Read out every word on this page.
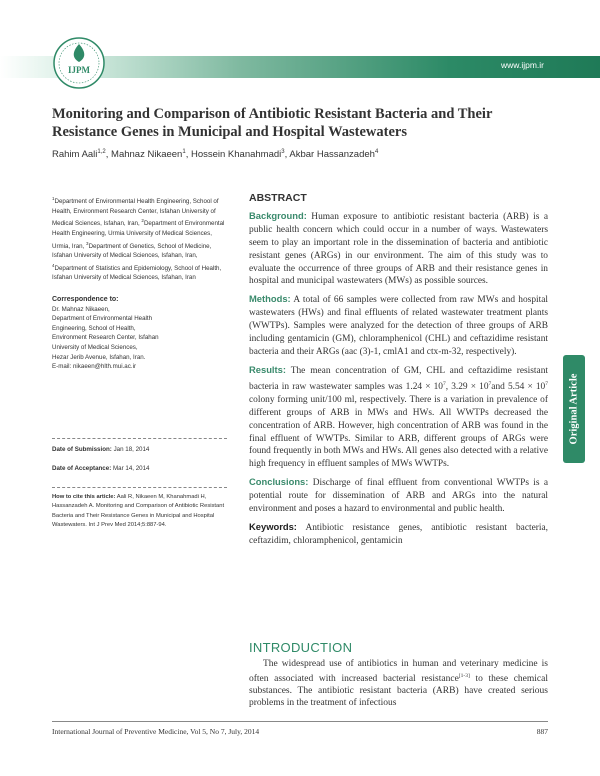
IJPM	www.ijpm.ir
Monitoring and Comparison of Antibiotic Resistant Bacteria and Their Resistance Genes in Municipal and Hospital Wastewaters
Rahim Aali$^{1,2}$, Mahnaz Nikaeen$^1$, Hossein Khanahmadi$^3$, Akbar Hassanzadeh$^4$
$^1$Department of Environmental Health Engineering, School of Health, Environment Research Center, Isfahan University of Medical Sciences, Isfahan, Iran, $^2$Department of Environmental Health Engineering, Urmia University of Medical Sciences, Urmia, Iran, $^3$Department of Genetics, School of Medicine, Isfahan University of Medical Sciences, Isfahan, Iran, $^4$Department of Statistics and Epidemiology, School of Health, Isfahan University of Medical Sciences, Isfahan, Iran
Correspondence to:
Dr. Mahnaz Nikaeen,
Department of Environmental Health
Engineering, School of Health,
Environment Research Center, Isfahan
University of Medical Sciences,
Hezar Jerib Avenue, Isfahan, Iran.
E-mail: nikaeen@hlth.mui.ac.ir
Date of Submission: Jan 18, 2014
Date of Acceptance: Mar 14, 2014
How to cite this article: Aali R, Nikaeen M, Khanahmadi H, Hassanzadeh A. Monitoring and Comparison of Antibiotic Resistant Bacteria and Their Resistance Genes in Municipal and Hospital Wastewaters. Int J Prev Med 2014;5:887-94.
ABSTRACT

Background: Human exposure to antibiotic resistant bacteria (ARB) is a public health concern which could occur in a number of ways. Wastewaters seem to play an important role in the dissemination of bacteria and antibiotic resistant genes (ARGs) in our environment. The aim of this study was to evaluate the occurrence of three groups of ARB and their resistance genes in hospital and municipal wastewaters (MWs) as possible sources.

Methods: A total of 66 samples were collected from raw MWs and hospital wastewaters (HWs) and final effluents of related wastewater treatment plants (WWTPs). Samples were analyzed for the detection of three groups of ARB including gentamicin (GM), chloramphenicol (CHL) and ceftazidime resistant bacteria and their ARGs (aac (3)-1, cmlA1 and ctx-m-32, respectively).

Results: The mean concentration of GM, CHL and ceftazidime resistant bacteria in raw wastewater samples was $1.24 \times 10^7$, $3.29 \times 10^7and$ $5.54 \times 10^7$ colony forming unit/100 ml, respectively. There is a variation in prevalence of different groups of ARB in MWs and HWs. All WWTPs decreased the concentration of ARB. However, high concentration of ARB was found in the final effluent of WWTPs. Similar to ARB, different groups of ARGs were found frequently in both MWs and HWs. All genes also detected with a relative high frequency in effluent samples of MWs WWTPs.

Conclusions: Discharge of final effluent from conventional WWTPs is a potential route for dissemination of ARB and ARGs into the natural environment and poses a hazard to environmental and public health.

Keywords: Antibiotic resistance genes, antibiotic resistant bacteria, ceftazidim, chloramphenicol, gentamicin

INTRODUCTION
The widespread use of antibiotics in human and veterinary medicine is often associated with increased bacterial resistance[1-3] to these chemical substances. The antibiotic resistant bacteria (ARB) have created serious problems in the treatment of infectious
Original Article
International Journal of Preventive Medicine, Vol 5, No 7, July, 2014	887
